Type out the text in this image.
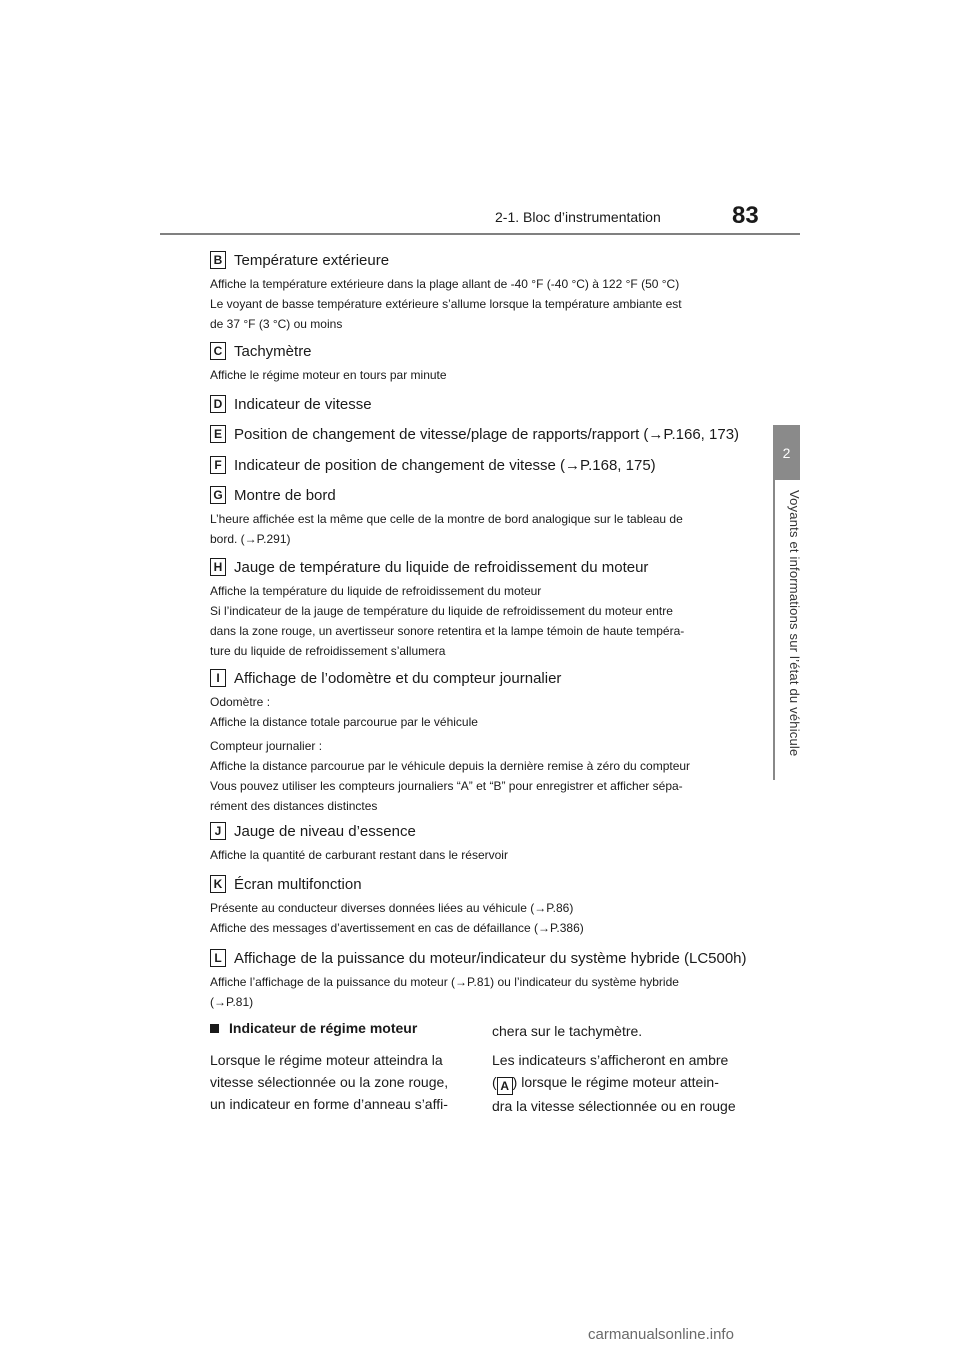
2-1. Bloc d’instrumentation	83
2
Voyants et informations sur l’état du véhicule
B Température extérieure

Affiche la température extérieure dans la plage allant de -40 °F (-40 °C) à 122 °F (50 °C)

Le voyant de basse température extérieure s’allume lorsque la température ambiante est

de 37 °F (3 °C) ou moins

C Tachymètre

Affiche le régime moteur en tours par minute

D Indicateur de vitesse
E Position de changement de vitesse/plage de rapports/rapport (→P.166, 173)
F Indicateur de position de changement de vitesse (→P.168, 175)
G Montre de bord

L’heure affichée est la même que celle de la montre de bord analogique sur le tableau de

bord. (→P.291)

H Jauge de température du liquide de refroidissement du moteur

Affiche la température du liquide de refroidissement du moteur

Si l’indicateur de la jauge de température du liquide de refroidissement du moteur entre

dans la zone rouge, un avertisseur sonore retentira et la lampe témoin de haute tempéra-

ture du liquide de refroidissement s’allumera

I Affichage de l’odomètre et du compteur journalier

Odomètre :

Affiche la distance totale parcourue par le véhicule

Compteur journalier :

Affiche la distance parcourue par le véhicule depuis la dernière remise à zéro du compteur

Vous pouvez utiliser les compteurs journaliers “A” et “B” pour enregistrer et afficher sépa-

rément des distances distinctes

J Jauge de niveau d’essence

Affiche la quantité de carburant restant dans le réservoir

K Écran multifonction

Présente au conducteur diverses données liées au véhicule (→P.86)

Affiche des messages d’avertissement en cas de défaillance (→P.386)

L Affichage de la puissance du moteur/indicateur du système hybride (LC500h)

Affiche l’affichage de la puissance du moteur (→P.81) ou l’indicateur du système hybride

(→P.81)

Indicateur de régime moteur

Lorsque le régime moteur atteindra la

vitesse sélectionnée ou la zone rouge,

un indicateur en forme d’anneau s’affi-

chera sur le tachymètre.

Les indicateurs s’afficheront en ambre

( A ) lorsque le régime moteur attein-

dra la vitesse sélectionnée ou en rouge

carmanualsonline.info
